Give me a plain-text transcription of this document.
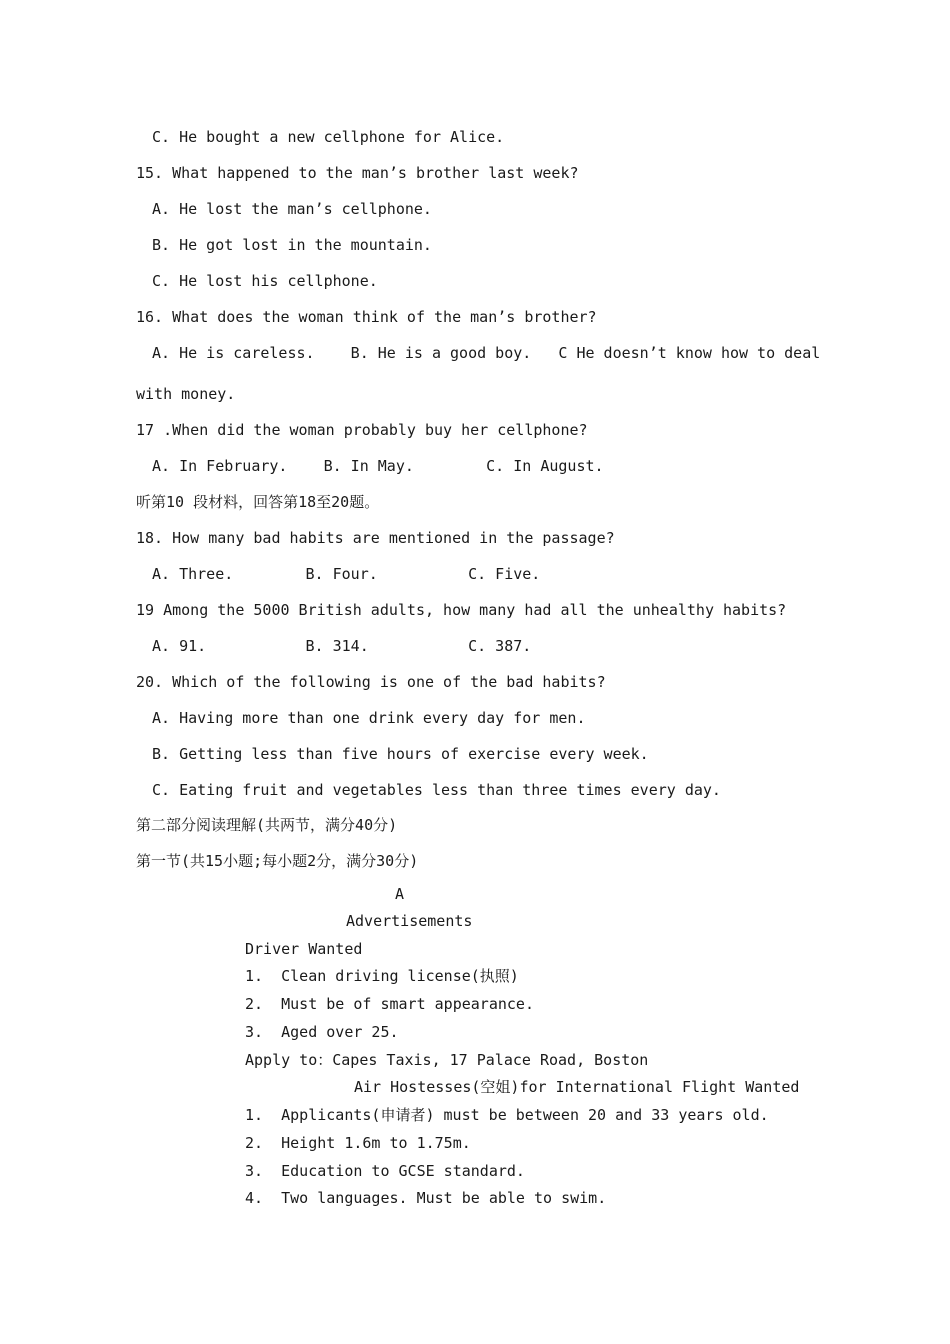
C. He bought a new cellphone for Alice.
15. What happened to the man’s brother last week?
A. He lost the man’s cellphone.
B. He got lost in the mountain.
C. He lost his cellphone.
16. What does the woman think of the man’s brother?
A. He is careless.    B. He is a good boy.   C He doesn’t know how to deal
with money.
17 .When did the woman probably buy her cellphone?
A. In February.    B. In May.        C. In August.
听第10 段材料，回答第18至20题。
18. How many bad habits are mentioned in the passage?
A. Three.        B. Four.          C. Five.
19 Among the 5000 British adults, how many had all the unhealthy habits?
A. 91.           B. 314.           C. 387.
20. Which of the following is one of the bad habits?
A. Having more than one drink every day for men.
B. Getting less than five hours of exercise every week.
C. Eating fruit and vegetables less than three times every day.
第二部分阅读理解(共两节，满分40分)
第一节(共15小题;每小题2分，满分30分)
A
Advertisements
Driver Wanted
1.  Clean driving license(执照)
2.  Must be of smart appearance.
3.  Aged over 25.
Apply to：Capes Taxis, 17 Palace Road, Boston
Air Hostesses(空姐)for International Flight Wanted
1.  Applicants(申请者) must be between 20 and 33 years old.
2.  Height 1.6m to 1.75m.
3.  Education to GCSE standard.
4.  Two languages. Must be able to swim.
